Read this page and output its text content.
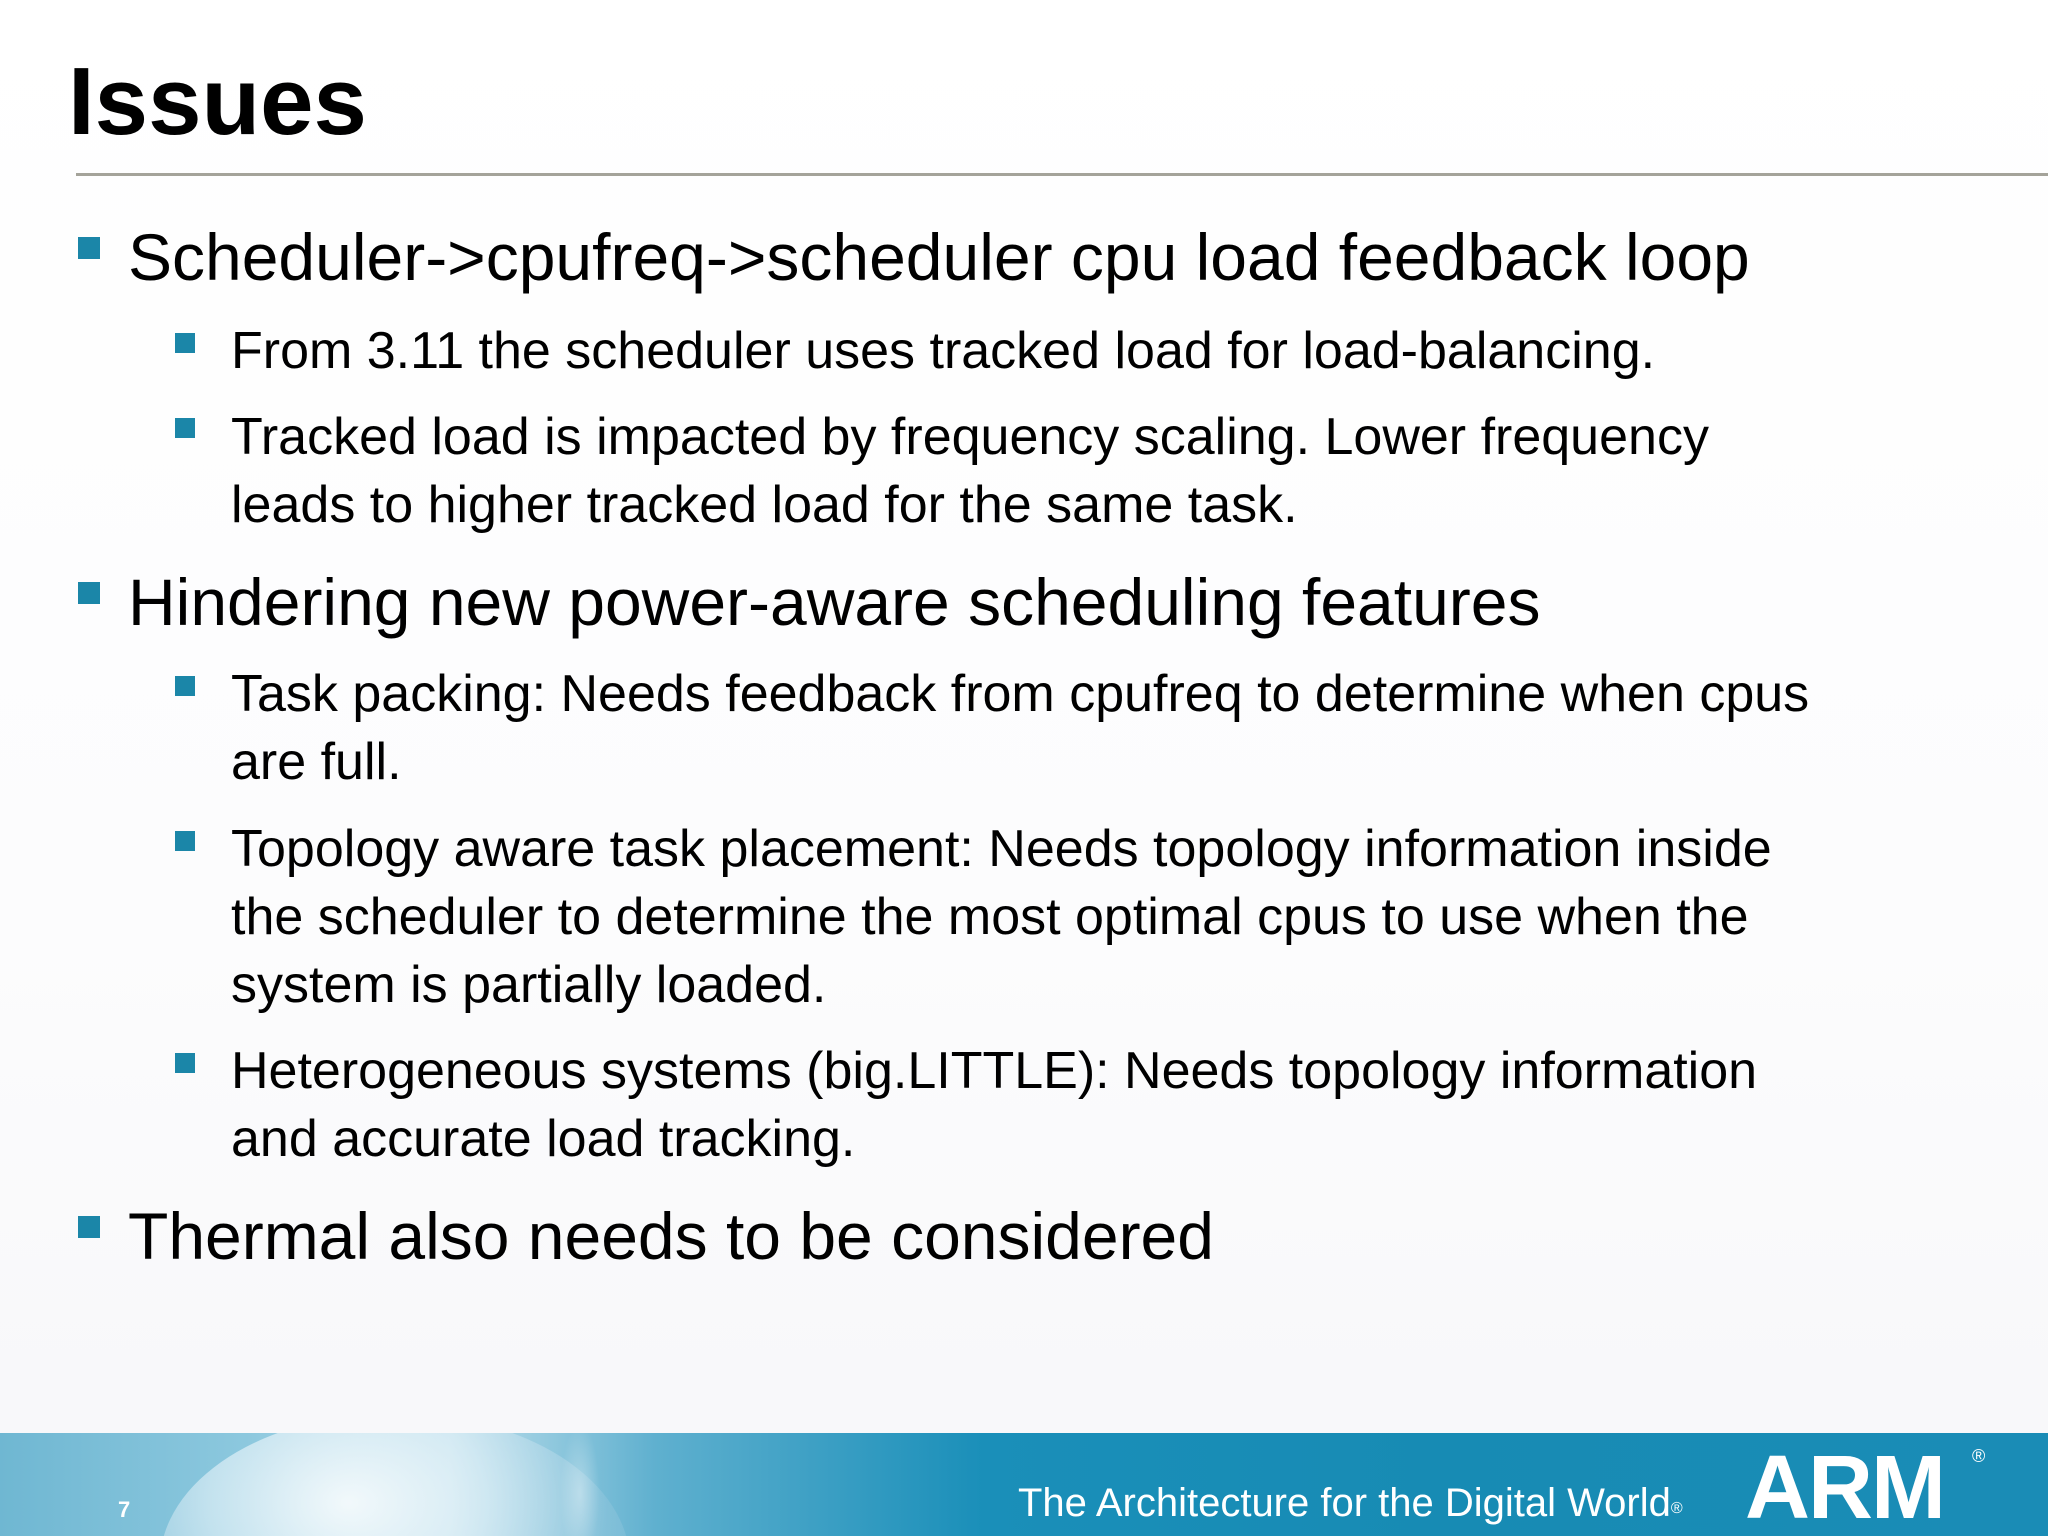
Issues
Scheduler->cpufreq->scheduler cpu load feedback loop
From 3.11 the scheduler uses tracked load for load-balancing.
Tracked load is impacted by frequency scaling. Lower frequency
leads to higher tracked load for the same task.
Hindering new power-aware scheduling features
Task packing: Needs feedback from cpufreq to determine when cpus
are full.
Topology aware task placement: Needs topology information inside
the scheduler to determine the most optimal cpus to use when the
system is partially loaded.
Heterogeneous systems (big.LITTLE): Needs topology information
and accurate load tracking.
Thermal also needs to be considered
7	The Architecture for the Digital World® ARM ®
